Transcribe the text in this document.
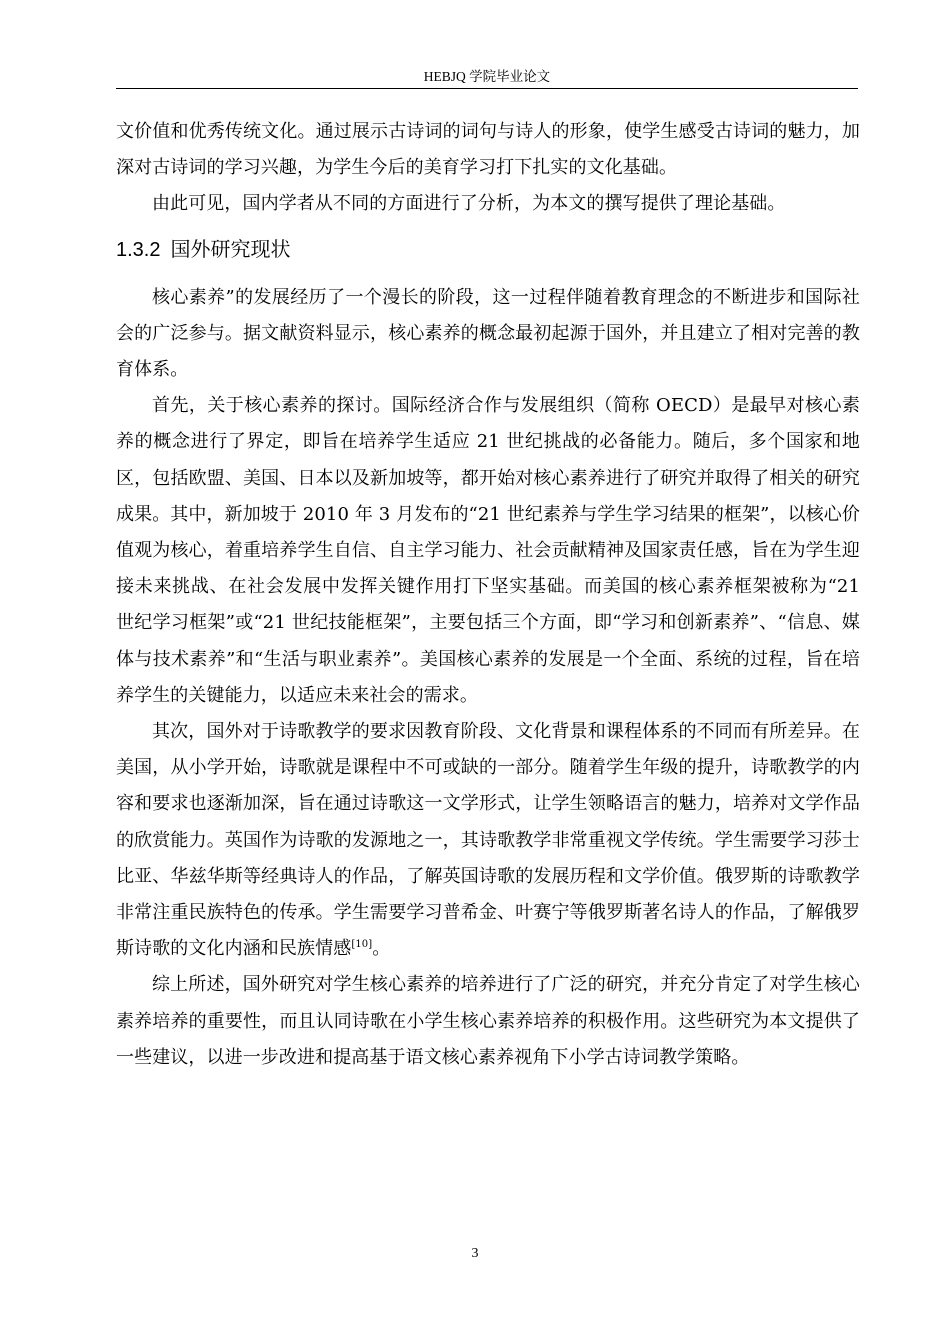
HEBJQ 学院毕业论文

文价值和优秀传统文化。通过展示古诗词的词句与诗人的形象，使学生感受古诗词的魅力，加深对古诗词的学习兴趣，为学生今后的美育学习打下扎实的文化基础。

由此可见，国内学者从不同的方面进行了分析，为本文的撰写提供了理论基础。

1.3.2 国外研究现状

核心素养”的发展经历了一个漫长的阶段，这一过程伴随着教育理念的不断进步和国际社会的广泛参与。据文献资料显示，核心素养的概念最初起源于国外，并且建立了相对完善的教育体系。

首先，关于核心素养的探讨。国际经济合作与发展组织（简称 OECD）是最早对核心素养的概念进行了界定，即旨在培养学生适应 21 世纪挑战的必备能力。随后，多个国家和地区，包括欧盟、美国、日本以及新加坡等，都开始对核心素养进行了研究并取得了相关的研究成果。其中，新加坡于 2010 年 3 月发布的“21 世纪素养与学生学习结果的框架”，以核心价值观为核心，着重培养学生自信、自主学习能力、社会贡献精神及国家责任感，旨在为学生迎接未来挑战、在社会发展中发挥关键作用打下坚实基础。而美国的核心素养框架被称为“21 世纪学习框架”或“21 世纪技能框架”，主要包括三个方面，即“学习和创新素养”、“信息、媒体与技术素养”和“生活与职业素养”。美国核心素养的发展是一个全面、系统的过程，旨在培养学生的关键能力，以适应未来社会的需求。

其次，国外对于诗歌教学的要求因教育阶段、文化背景和课程体系的不同而有所差异。在美国，从小学开始，诗歌就是课程中不可或缺的一部分。随着学生年级的提升，诗歌教学的内容和要求也逐渐加深，旨在通过诗歌这一文学形式，让学生领略语言的魅力，培养对文学作品的欣赏能力。英国作为诗歌的发源地之一，其诗歌教学非常重视文学传统。学生需要学习莎士比亚、华兹华斯等经典诗人的作品，了解英国诗歌的发展历程和文学价值。俄罗斯的诗歌教学非常注重民族特色的传承。学生需要学习普希金、叶赛宁等俄罗斯著名诗人的作品，了解俄罗斯诗歌的文化内涵和民族情感[10]。

综上所述，国外研究对学生核心素养的培养进行了广泛的研究，并充分肯定了对学生核心素养培养的重要性，而且认同诗歌在小学生核心素养培养的积极作用。这些研究为本文提供了一些建议，以进一步改进和提高基于语文核心素养视角下小学古诗词教学策略。

3
